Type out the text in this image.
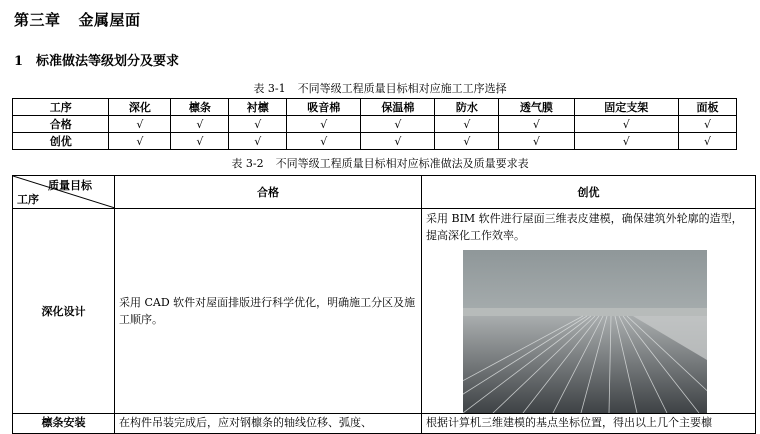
第三章 金属屋面
1 标准做法等级划分及要求
表 3-1 不同等级工程质量目标相对应施工工序选择
工序	深化	檩条	衬檩	吸音棉	保温棉	防水	透气膜	固定支架	面板
合格	√	√	√	√	√	√	√	√	√
创优	√	√	√	√	√	√	√	√	√
表 3-2 不同等级工程质量目标相对应标准做法及质量要求表
质量目标
工序	合格	创优
深化设计	采用 CAD 软件对屋面排版进行科学优化，明确施工分区及施工顺序。	采用 BIM 软件进行屋面三维表皮建模，确保建筑外轮廓的造型，提高深化工作效率。

檩条安装	在构件吊装完成后，应对钢檩条的轴线位移、弧度、	根据计算机三维建模的基点坐标位置，得出以上几个主要檩
